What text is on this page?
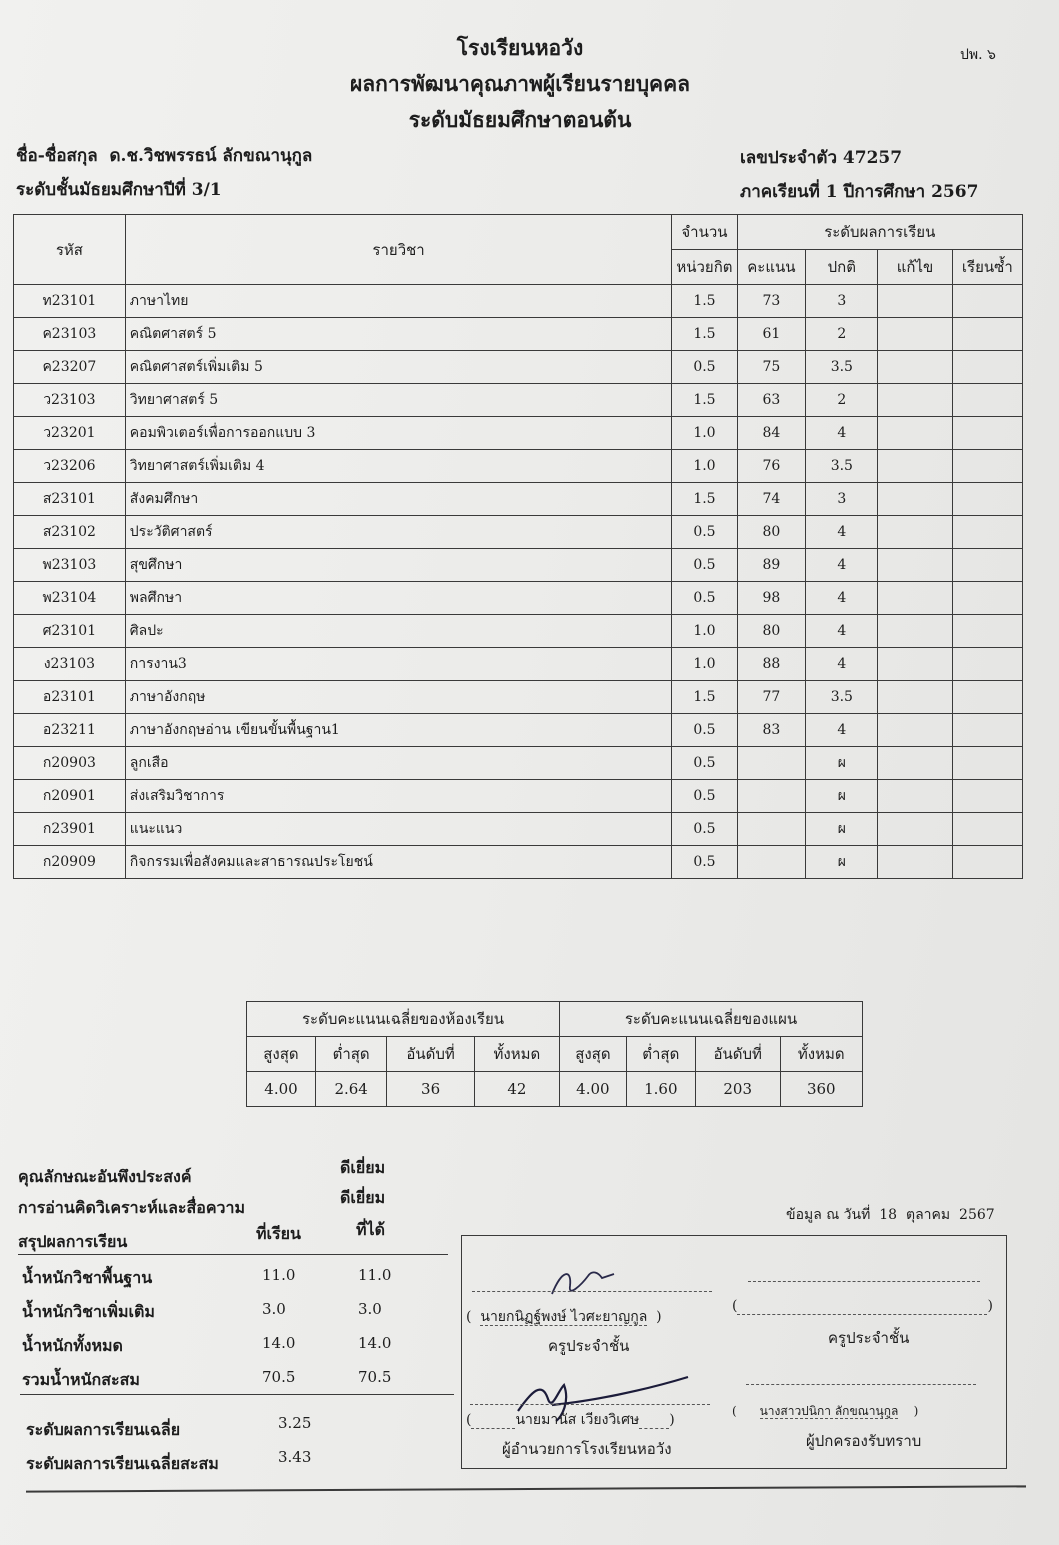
โรงเรียนหอวัง
ผลการพัฒนาคุณภาพผู้เรียนรายบุคคล
ระดับมัธยมศึกษาตอนต้น
ปพ. ๖
ชื่อ-ชื่อสกุล ด.ช.วิชพรรธน์ ลักขณานุกูล	เลขประจำตัว 47257
ระดับชั้นมัธยมศึกษาปีที่ 3/1	ภาคเรียนที่ 1 ปีการศึกษา 2567
รหัส	รายวิชา	จำนวน	ระดับผลการเรียน			
		หน่วยกิต	คะแนน	ปกติ	แก้ไข	เรียนซ้ำ
ท23101	ภาษาไทย	1.5	73	3		
ค23103	คณิตศาสตร์ 5	1.5	61	2		
ค23207	คณิตศาสตร์เพิ่มเติม 5	0.5	75	3.5		
ว23103	วิทยาศาสตร์ 5	1.5	63	2		
ว23201	คอมพิวเตอร์เพื่อการออกแบบ 3	1.0	84	4		
ว23206	วิทยาศาสตร์เพิ่มเติม 4	1.0	76	3.5		
ส23101	สังคมศึกษา	1.5	74	3		
ส23102	ประวัติศาสตร์	0.5	80	4		
พ23103	สุขศึกษา	0.5	89	4		
พ23104	พลศึกษา	0.5	98	4		
ศ23101	ศิลปะ	1.0	80	4		
ง23103	การงาน3	1.0	88	4		
อ23101	ภาษาอังกฤษ	1.5	77	3.5		
อ23211	ภาษาอังกฤษอ่าน เขียนขั้นพื้นฐาน1	0.5	83	4		
ก20903	ลูกเสือ	0.5		ผ		
ก20901	ส่งเสริมวิชาการ	0.5		ผ		
ก23901	แนะแนว	0.5		ผ		
ก20909	กิจกรรมเพื่อสังคมและสาธารณประโยชน์	0.5		ผ		
ระดับคะแนนเฉลี่ยของห้องเรียน				ระดับคะแนนเฉลี่ยของแผน			
สูงสุด	ต่ำสุด	อันดับที่	ทั้งหมด	สูงสุด	ต่ำสุด	อันดับที่	ทั้งหมด
4.00	2.64	36	42	4.00	1.60	203	360
คุณลักษณะอันพึงประสงค์	ดีเยี่ยม
การอ่านคิดวิเคราะห์และสื่อความ
ดีเยี่ยม
สรุปผลการเรียน	ที่เรียน	ที่ได้
น้ำหนักวิชาพื้นฐาน	11.0	11.0
น้ำหนักวิชาเพิ่มเติม	3.0	3.0
น้ำหนักทั้งหมด	14.0	14.0
รวมน้ำหนักสะสม	70.5	70.5
ระดับผลการเรียนเฉลี่ย	3.25
ระดับผลการเรียนเฉลี่ยสะสม	3.43
ข้อมูล ณ วันที่ 18 ตุลาคม 2567
(  นายกนิฏฐ์พงษ์ ไวศะยาญกูล  )
(	)
ครูประจำชั้น	ครูประจำชั้น
(	นายมานัส เวียงวิเศษ )
(      นางสาวปนิกา ลักขณานุกูล    )
ผู้อำนวยการโรงเรียนหอวัง	ผู้ปกครองรับทราบ
